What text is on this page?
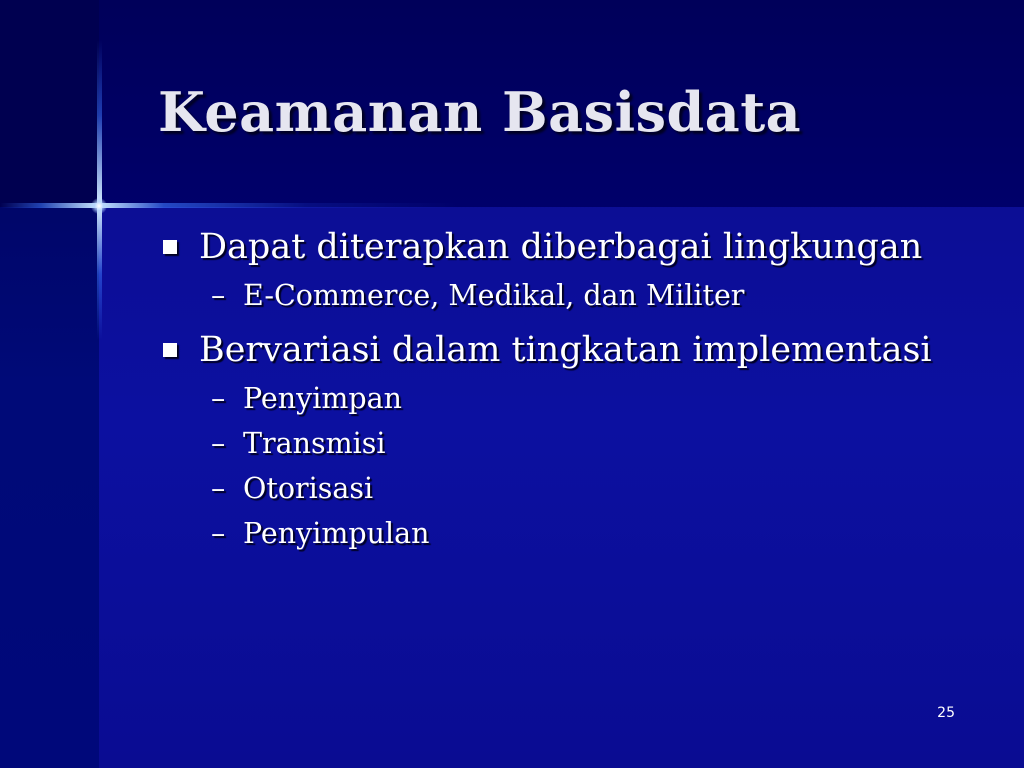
Keamanan Basisdata
Dapat diterapkan diberbagai lingkungan
– E-Commerce, Medikal, dan Militer
Bervariasi dalam tingkatan implementasi
– Penyimpan
– Transmisi
– Otorisasi
– Penyimpulan
25
